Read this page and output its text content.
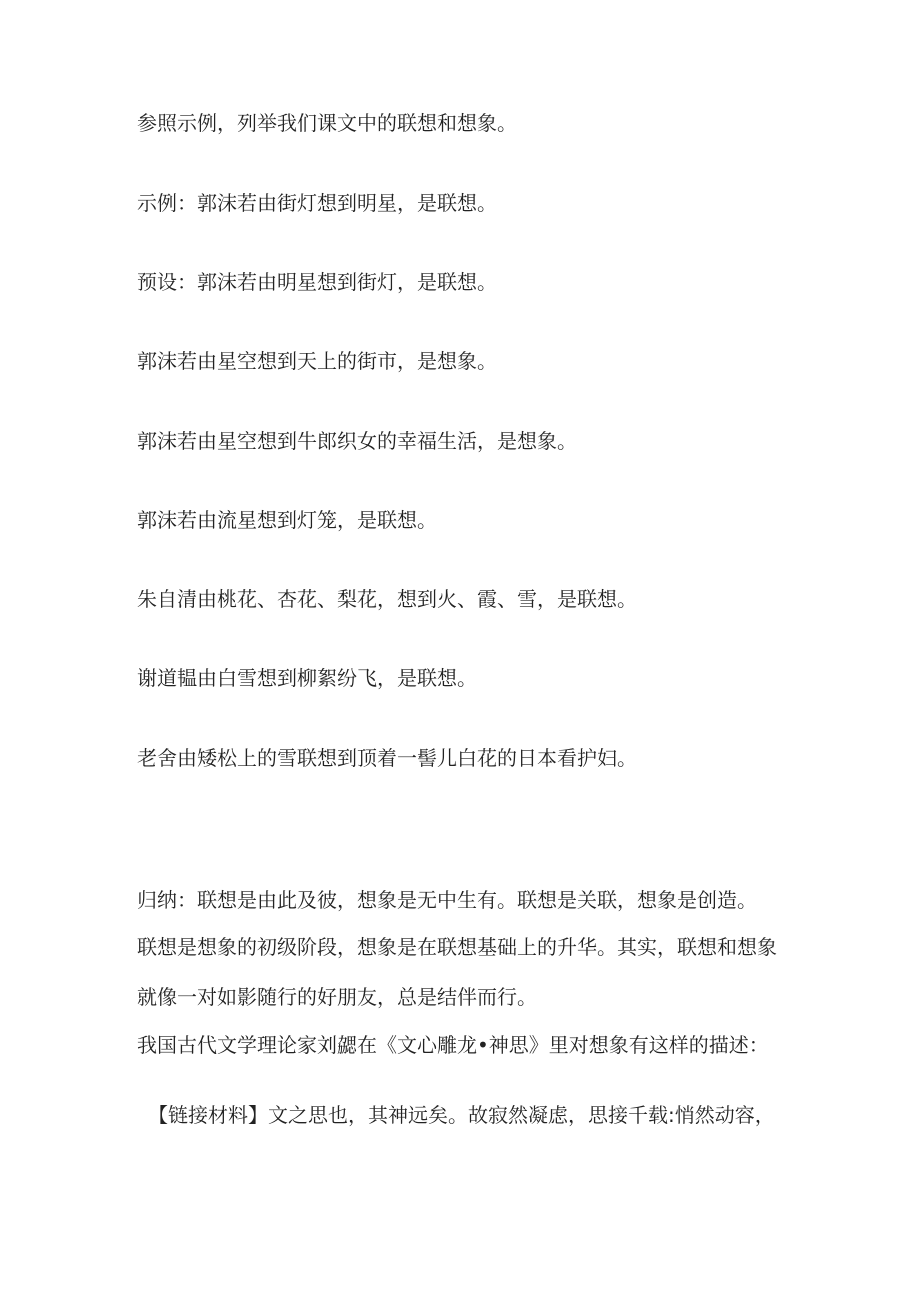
参照示例，列举我们课文中的联想和想象。
示例：郭沫若由街灯想到明星，是联想。
预设：郭沫若由明星想到街灯，是联想。
郭沫若由星空想到天上的街市，是想象。
郭沫若由星空想到牛郎织女的幸福生活，是想象。
郭沫若由流星想到灯笼，是联想。
朱自清由桃花、杏花、梨花，想到火、霞、雪，是联想。
谢道韫由白雪想到柳絮纷飞，是联想。
老舍由矮松上的雪联想到顶着一髻儿白花的日本看护妇。
归纳：联想是由此及彼，想象是无中生有。联想是关联，想象是创造。
联想是想象的初级阶段，想象是在联想基础上的升华。其实，联想和想象
就像一对如影随行的好朋友，总是结伴而行。
我国古代文学理论家刘勰在《文心雕龙•神思》里对想象有这样的描述：
【链接材料】文之思也，其神远矣。故寂然凝虑，思接千载:悄然动容，
